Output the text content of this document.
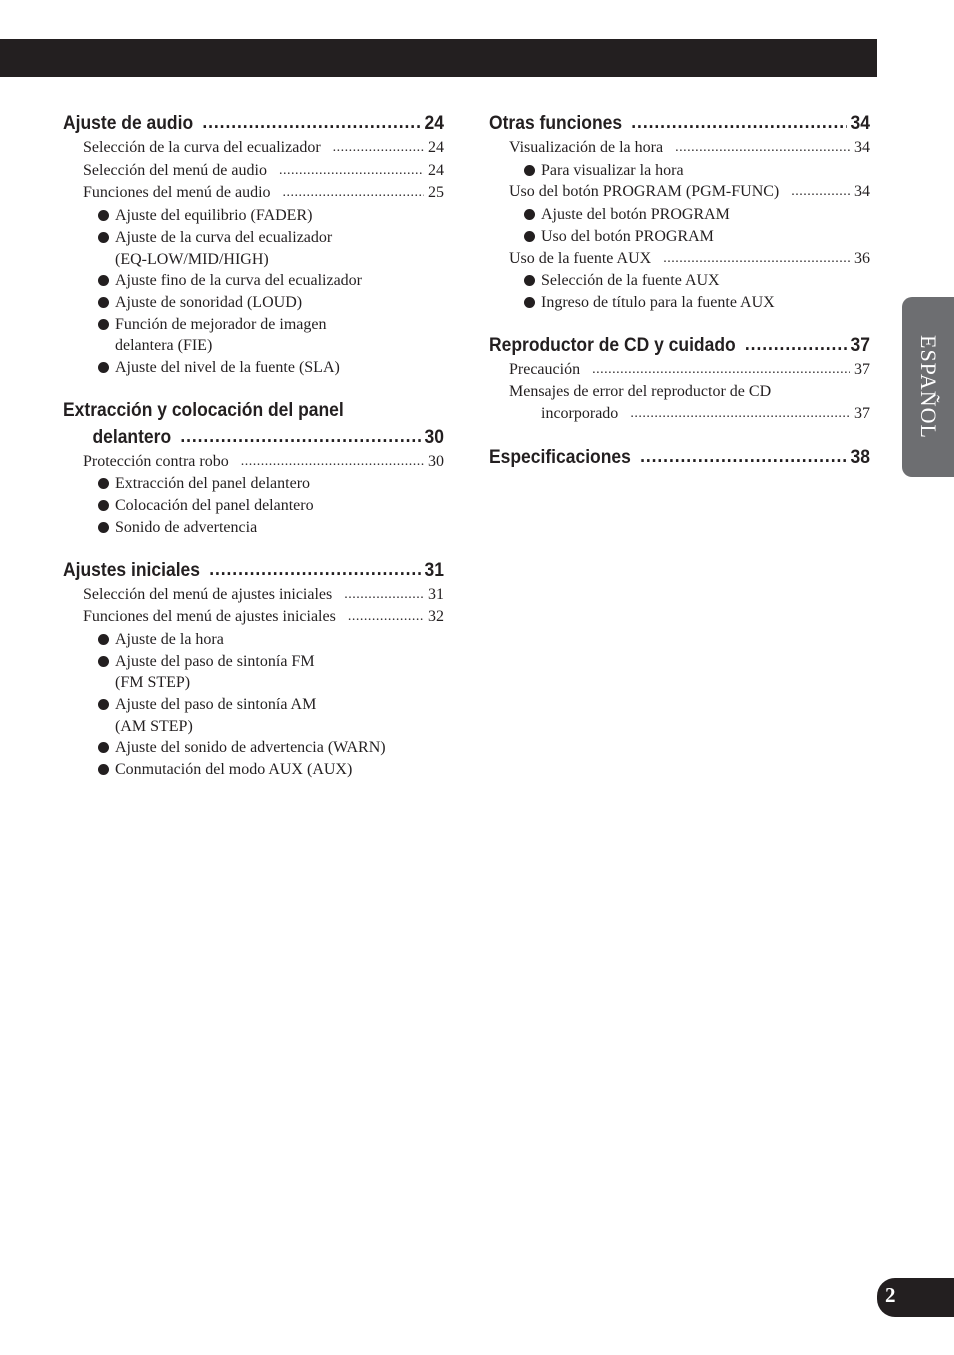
ESPAÑOL
2
Ajuste de audio .....	24
Selección de la curva del ecualizador .....	24
Selección del menú de audio .....	24
Funciones del menú de audio .....	25
Ajuste del equilibrio (FADER)
Ajuste de la curva del ecualizador
(EQ-LOW/MID/HIGH)
Ajuste fino de la curva del ecualizador
Ajuste de sonoridad (LOUD)
Función de mejorador de imagen
delantera (FIE)
Ajuste del nivel de la fuente (SLA)
Extracción y colocación del panel
delantero .....	30
Protección contra robo .....	30
Extracción del panel delantero
Colocación del panel delantero
Sonido de advertencia
Ajustes iniciales .....	31
Selección del menú de ajustes iniciales .....	31
Funciones del menú de ajustes iniciales .....	32
Ajuste de la hora
Ajuste del paso de sintonía FM
(FM STEP)
Ajuste del paso de sintonía AM
(AM STEP)
Ajuste del sonido de advertencia (WARN)
Conmutación del modo AUX (AUX)
Otras funciones .....	34
Visualización de la hora .....	34
Para visualizar la hora
Uso del botón PROGRAM (PGM-FUNC) .....	34
Ajuste del botón PROGRAM
Uso del botón PROGRAM
Uso de la fuente AUX .....	36
Selección de la fuente AUX
Ingreso de título para la fuente AUX
Reproductor de CD y cuidado .....	37
Precaución .....	37
Mensajes de error del reproductor de CD
incorporado .....	37
Especificaciones .....	38
